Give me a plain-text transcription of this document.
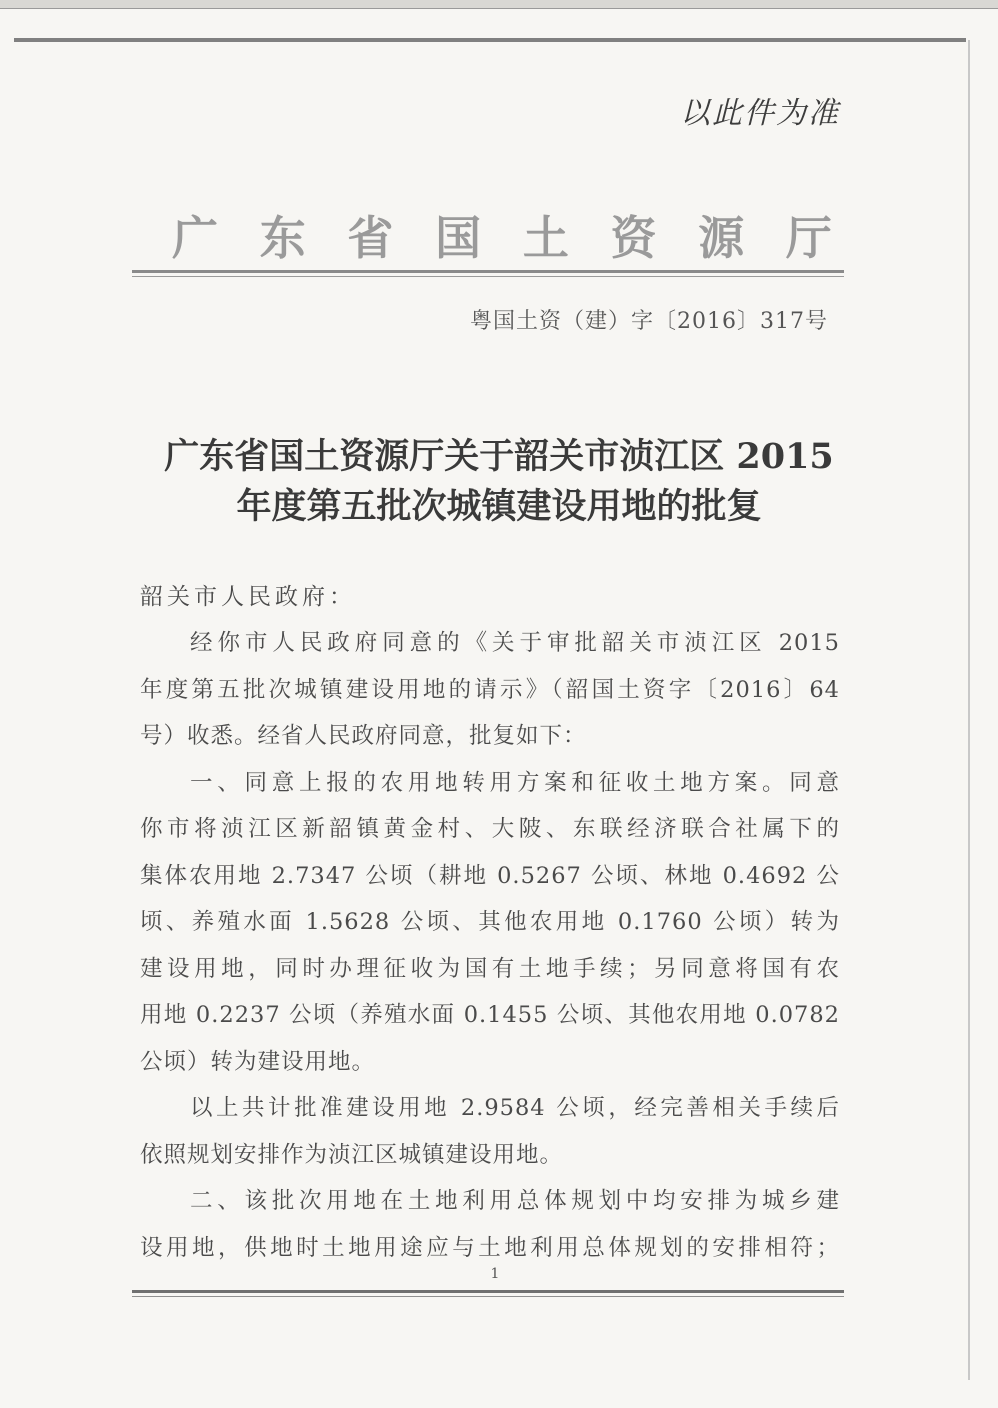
以此件为准
广 东 省 国 土 资 源 厅
粤国土资（建）字〔2016〕317号
广东省国土资源厅关于韶关市浈江区 2015
年度第五批次城镇建设用地的批复
韶关市人民政府：
经你市人民政府同意的《关于审批韶关市浈江区 2015
年度第五批次城镇建设用地的请示》（韶国土资字〔2016〕64
号）收悉。经省人民政府同意，批复如下：
一、同意上报的农用地转用方案和征收土地方案。同意
你市将浈江区新韶镇黄金村、大陂、东联经济联合社属下的
集体农用地 2.7347 公顷（耕地 0.5267 公顷、林地 0.4692 公
顷、养殖水面 1.5628 公顷、其他农用地 0.1760 公顷）转为
建设用地，同时办理征收为国有土地手续；另同意将国有农
用地 0.2237 公顷（养殖水面 0.1455 公顷、其他农用地 0.0782
公顷）转为建设用地。
以上共计批准建设用地 2.9584 公顷，经完善相关手续后
依照规划安排作为浈江区城镇建设用地。
二、该批次用地在土地利用总体规划中均安排为城乡建
设用地，供地时土地用途应与土地利用总体规划的安排相符；
1
